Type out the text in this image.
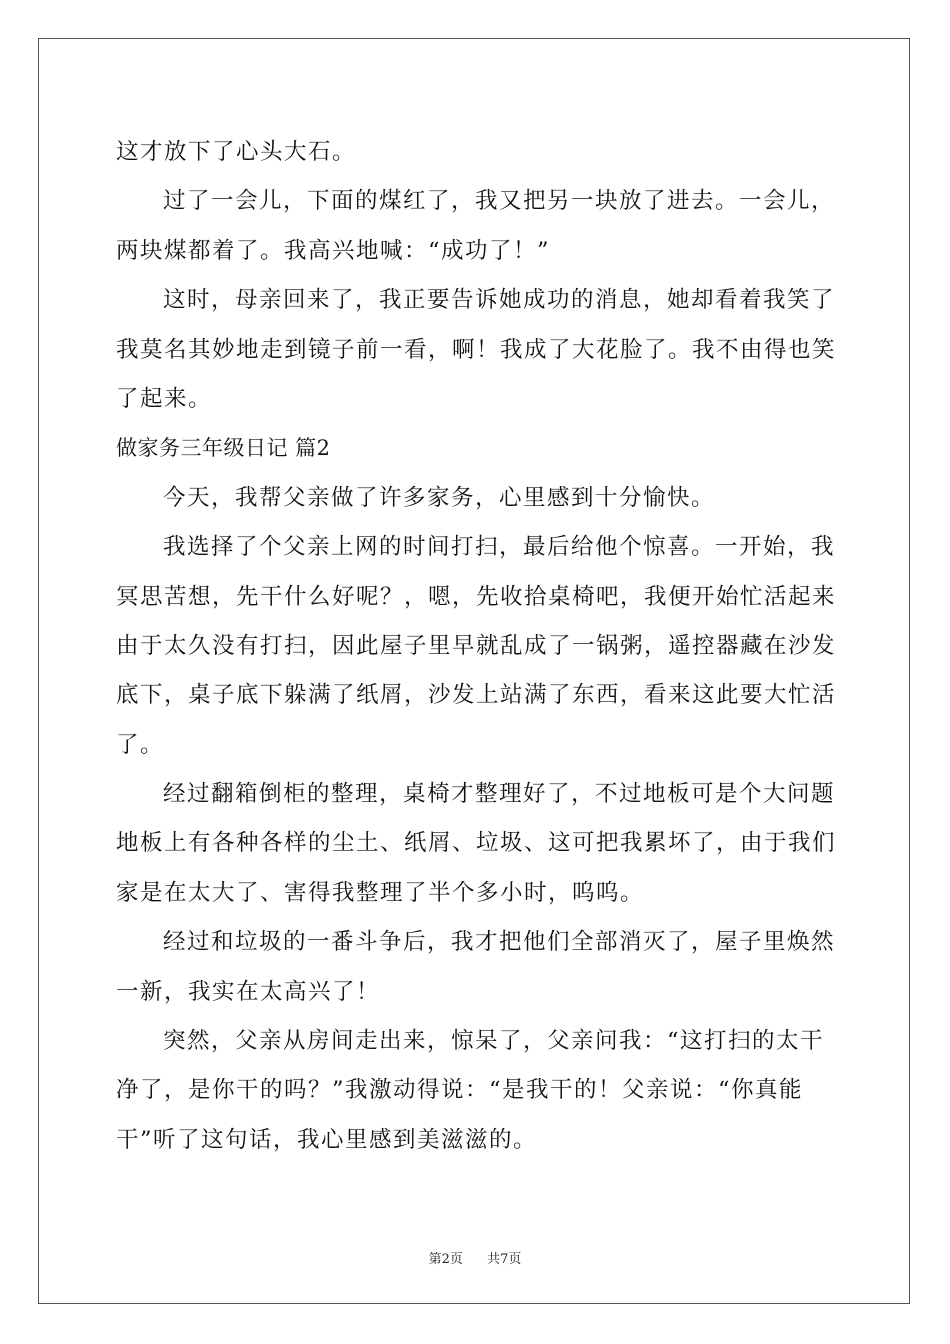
这才放下了心头大石。
过了一会儿，下面的煤红了，我又把另一块放了进去。一会儿，
两块煤都着了。我高兴地喊：“成功了！”
这时，母亲回来了，我正要告诉她成功的消息，她却看着我笑了
我莫名其妙地走到镜子前一看，啊！我成了大花脸了。我不由得也笑
了起来。
做家务三年级日记 篇2
今天，我帮父亲做了许多家务，心里感到十分愉快。
我选择了个父亲上网的时间打扫，最后给他个惊喜。一开始，我
冥思苦想，先干什么好呢？，嗯，先收拾桌椅吧，我便开始忙活起来
由于太久没有打扫，因此屋子里早就乱成了一锅粥，遥控器藏在沙发
底下，桌子底下躲满了纸屑，沙发上站满了东西，看来这此要大忙活
了。
经过翻箱倒柜的整理，桌椅才整理好了，不过地板可是个大问题
地板上有各种各样的尘土、纸屑、垃圾、这可把我累坏了，由于我们
家是在太大了、害得我整理了半个多小时，呜呜。
经过和垃圾的一番斗争后，我才把他们全部消灭了，屋子里焕然
一新，我实在太高兴了！
突然，父亲从房间走出来，惊呆了，父亲问我：“这打扫的太干
净了，是你干的吗？”我激动得说：“是我干的！父亲说：“你真能
干”听了这句话，我心里感到美滋滋的。
第2页 共7页
